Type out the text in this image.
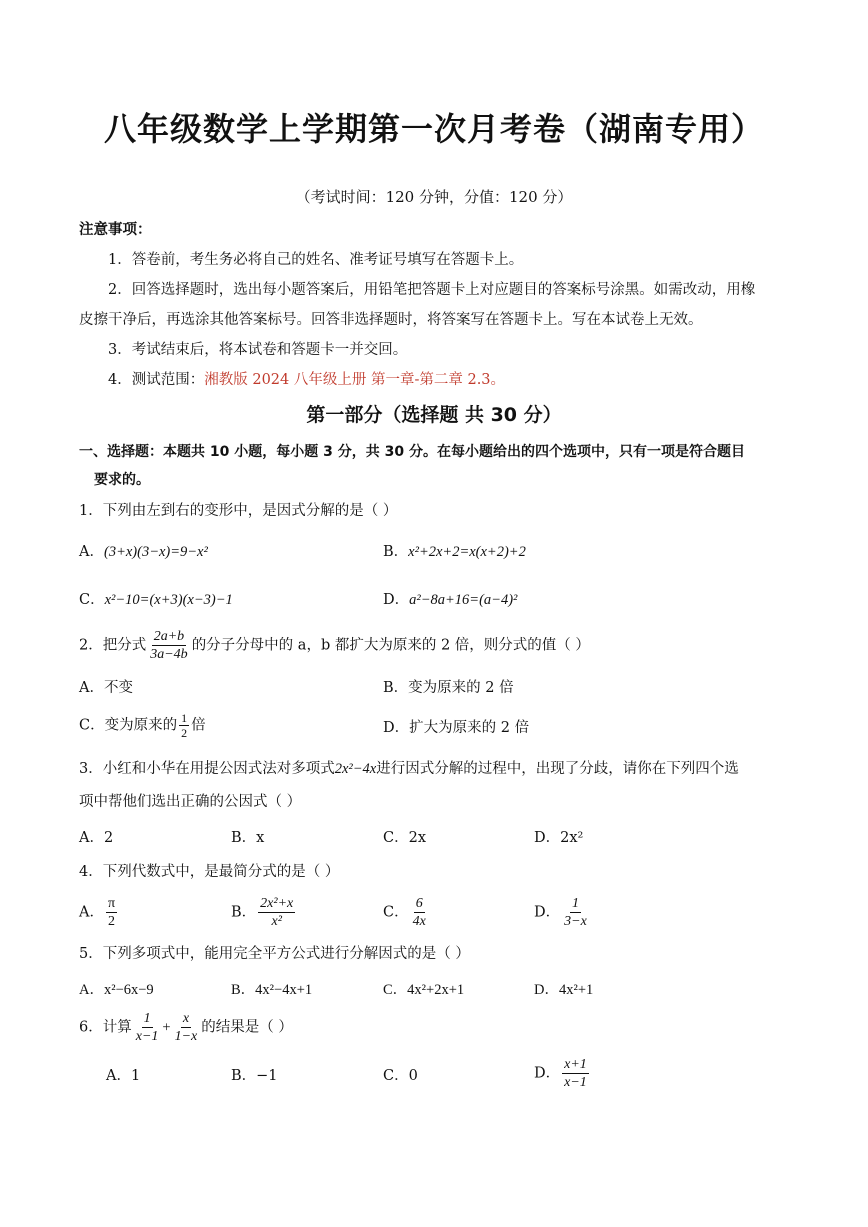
八年级数学上学期第一次月考卷（湖南专用）
（考试时间：120 分钟，分值：120 分）
注意事项：
1．答卷前，考生务必将自己的姓名、准考证号填写在答题卡上。
2．回答选择题时，选出每小题答案后，用铅笔把答题卡上对应题目的答案标号涂黑。如需改动，用橡
皮擦干净后，再选涂其他答案标号。回答非选择题时，将答案写在答题卡上。写在本试卷上无效。
3．考试结束后，将本试卷和答题卡一并交回。
4．测试范围：湘教版 2024 八年级上册 第一章-第二章 2.3。
第一部分（选择题 共 30 分）
一、选择题：本题共 10 小题，每小题 3 分，共 30 分。在每小题给出的四个选项中，只有一项是符合题目
要求的。
1．下列由左到右的变形中，是因式分解的是（ ）
A．(3+x)(3−x)=9−x²	B．x²+2x+2=x(x+2)+2
C．x²−10=(x+3)(x−3)−1	D．a²−8a+16=(a−4)²
2．把分式 $\frac{2a+b}{3a-4b}$ 的分子分母中的 a，b 都扩大为原来的 2 倍，则分式的值（ ）
A．不变	B．变为原来的 2 倍
C．变为原来的 $\frac{1}{2}$ 倍	D．扩大为原来的 2 倍
3．小红和小华在用提公因式法对多项式2x²−4x进行因式分解的过程中，出现了分歧，请你在下列四个选
项中帮他们选出正确的公因式（ ）
A．2	B．x	C．2x	D．2x²
4．下列代数式中，是最简分式的是（ ）
A． $\frac{\pi}{2}$	B． $\frac{\text{2x²+x}}{\text{x²}}$	C． $\frac{6}{4x}$	D． $\frac{1}{3-x}$
5．下列多项式中，能用完全平方公式进行分解因式的是（ ）
A．x²−6x−9	B．4x²−4x+1	C．4x²+2x+1	D．4x²+1
6．计算 $\frac{1}{x-1} + \frac{x}{1-x}$ 的结果是（ ）
A．1	B．−1	C．0	D． $\frac{x+1}{x-1}$
